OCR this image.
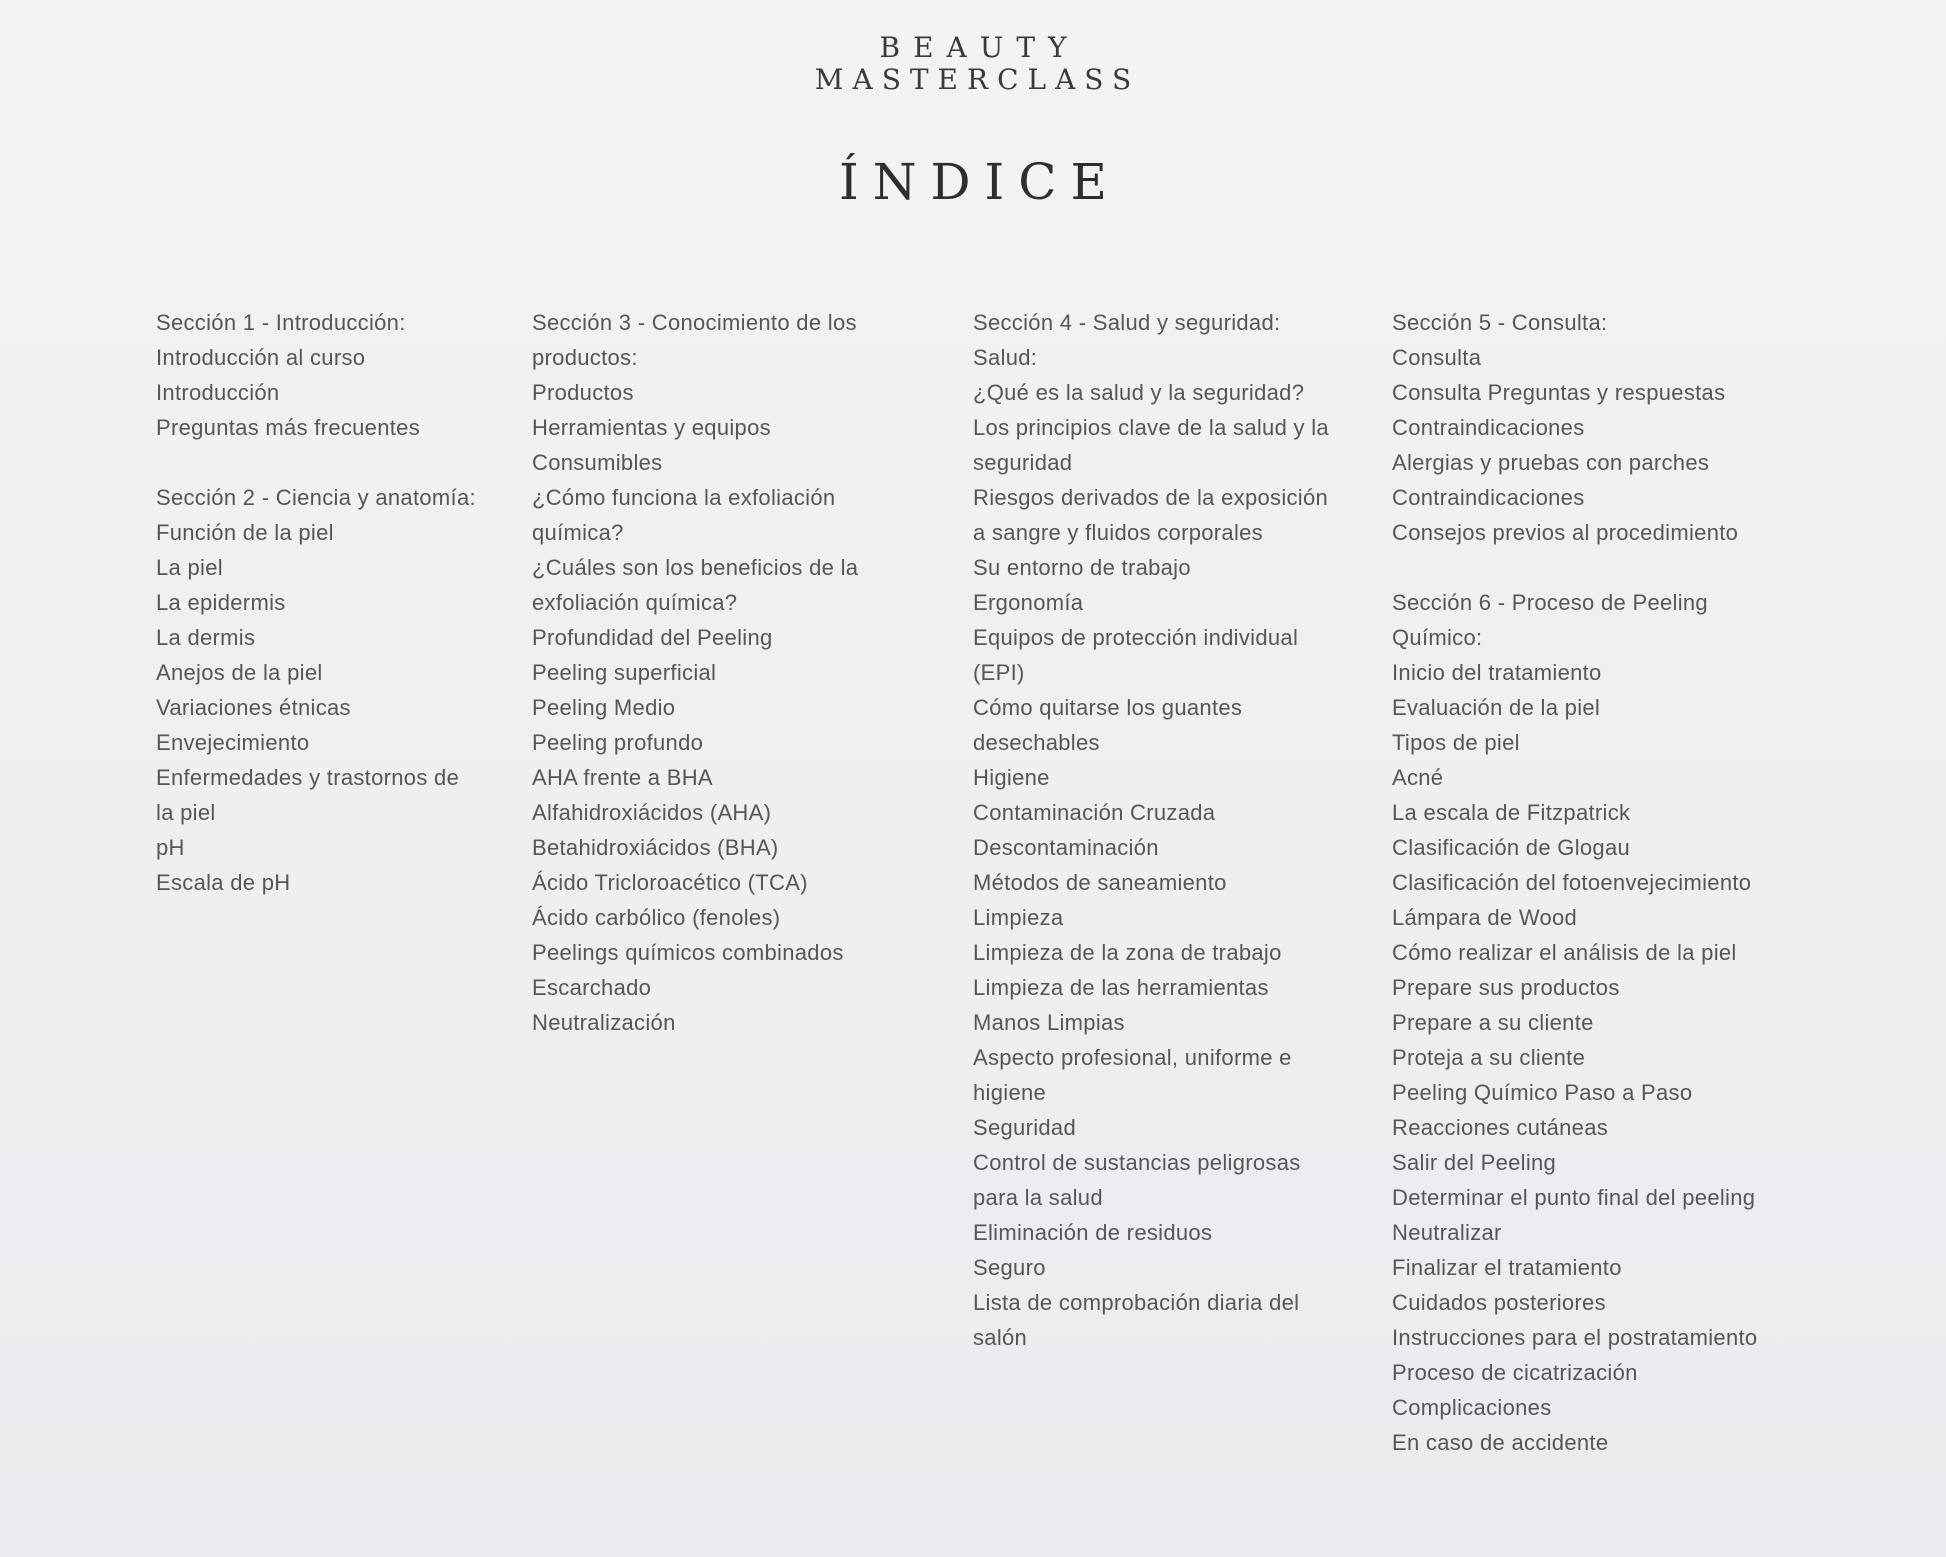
BEAUTY
MASTERCLASS
ÍNDICE
Sección 1 - Introducción:
Introducción al curso
Introducción
Preguntas más frecuentes
Sección 2 - Ciencia y anatomía:
Función de la piel
La piel
La epidermis
La dermis
Anejos de la piel
Variaciones étnicas
Envejecimiento
Enfermedades y trastornos de
la piel
pH
Escala de pH
Sección 3 - Conocimiento de los
productos:
Productos
Herramientas y equipos
Consumibles
¿Cómo funciona la exfoliación
química?
¿Cuáles son los beneficios de la
exfoliación química?
Profundidad del Peeling
Peeling superficial
Peeling Medio
Peeling profundo
AHA frente a BHA
Alfahidroxiácidos (AHA)
Betahidroxiácidos (BHA)
Ácido Tricloroacético (TCA)
Ácido carbólico (fenoles)
Peelings químicos combinados
Escarchado
Neutralización
Sección 4 - Salud y seguridad:
Salud:
¿Qué es la salud y la seguridad?
Los principios clave de la salud y la
seguridad
Riesgos derivados de la exposición
a sangre y fluidos corporales
Su entorno de trabajo
Ergonomía
Equipos de protección individual
(EPI)
Cómo quitarse los guantes
desechables
Higiene
Contaminación Cruzada
Descontaminación
Métodos de saneamiento
Limpieza
Limpieza de la zona de trabajo
Limpieza de las herramientas
Manos Limpias
Aspecto profesional, uniforme e
higiene
Seguridad
Control de sustancias peligrosas
para la salud
Eliminación de residuos
Seguro
Lista de comprobación diaria del
salón
Sección 5 - Consulta:
Consulta
Consulta Preguntas y respuestas
Contraindicaciones
Alergias y pruebas con parches
Contraindicaciones
Consejos previos al procedimiento
Sección 6 - Proceso de Peeling
Químico:
Inicio del tratamiento
Evaluación de la piel
Tipos de piel
Acné
La escala de Fitzpatrick
Clasificación de Glogau
Clasificación del fotoenvejecimiento
Lámpara de Wood
Cómo realizar el análisis de la piel
Prepare sus productos
Prepare a su cliente
Proteja a su cliente
Peeling Químico Paso a Paso
Reacciones cutáneas
Salir del Peeling
Determinar el punto final del peeling
Neutralizar
Finalizar el tratamiento
Cuidados posteriores
Instrucciones para el postratamiento
Proceso de cicatrización
Complicaciones
En caso de accidente
